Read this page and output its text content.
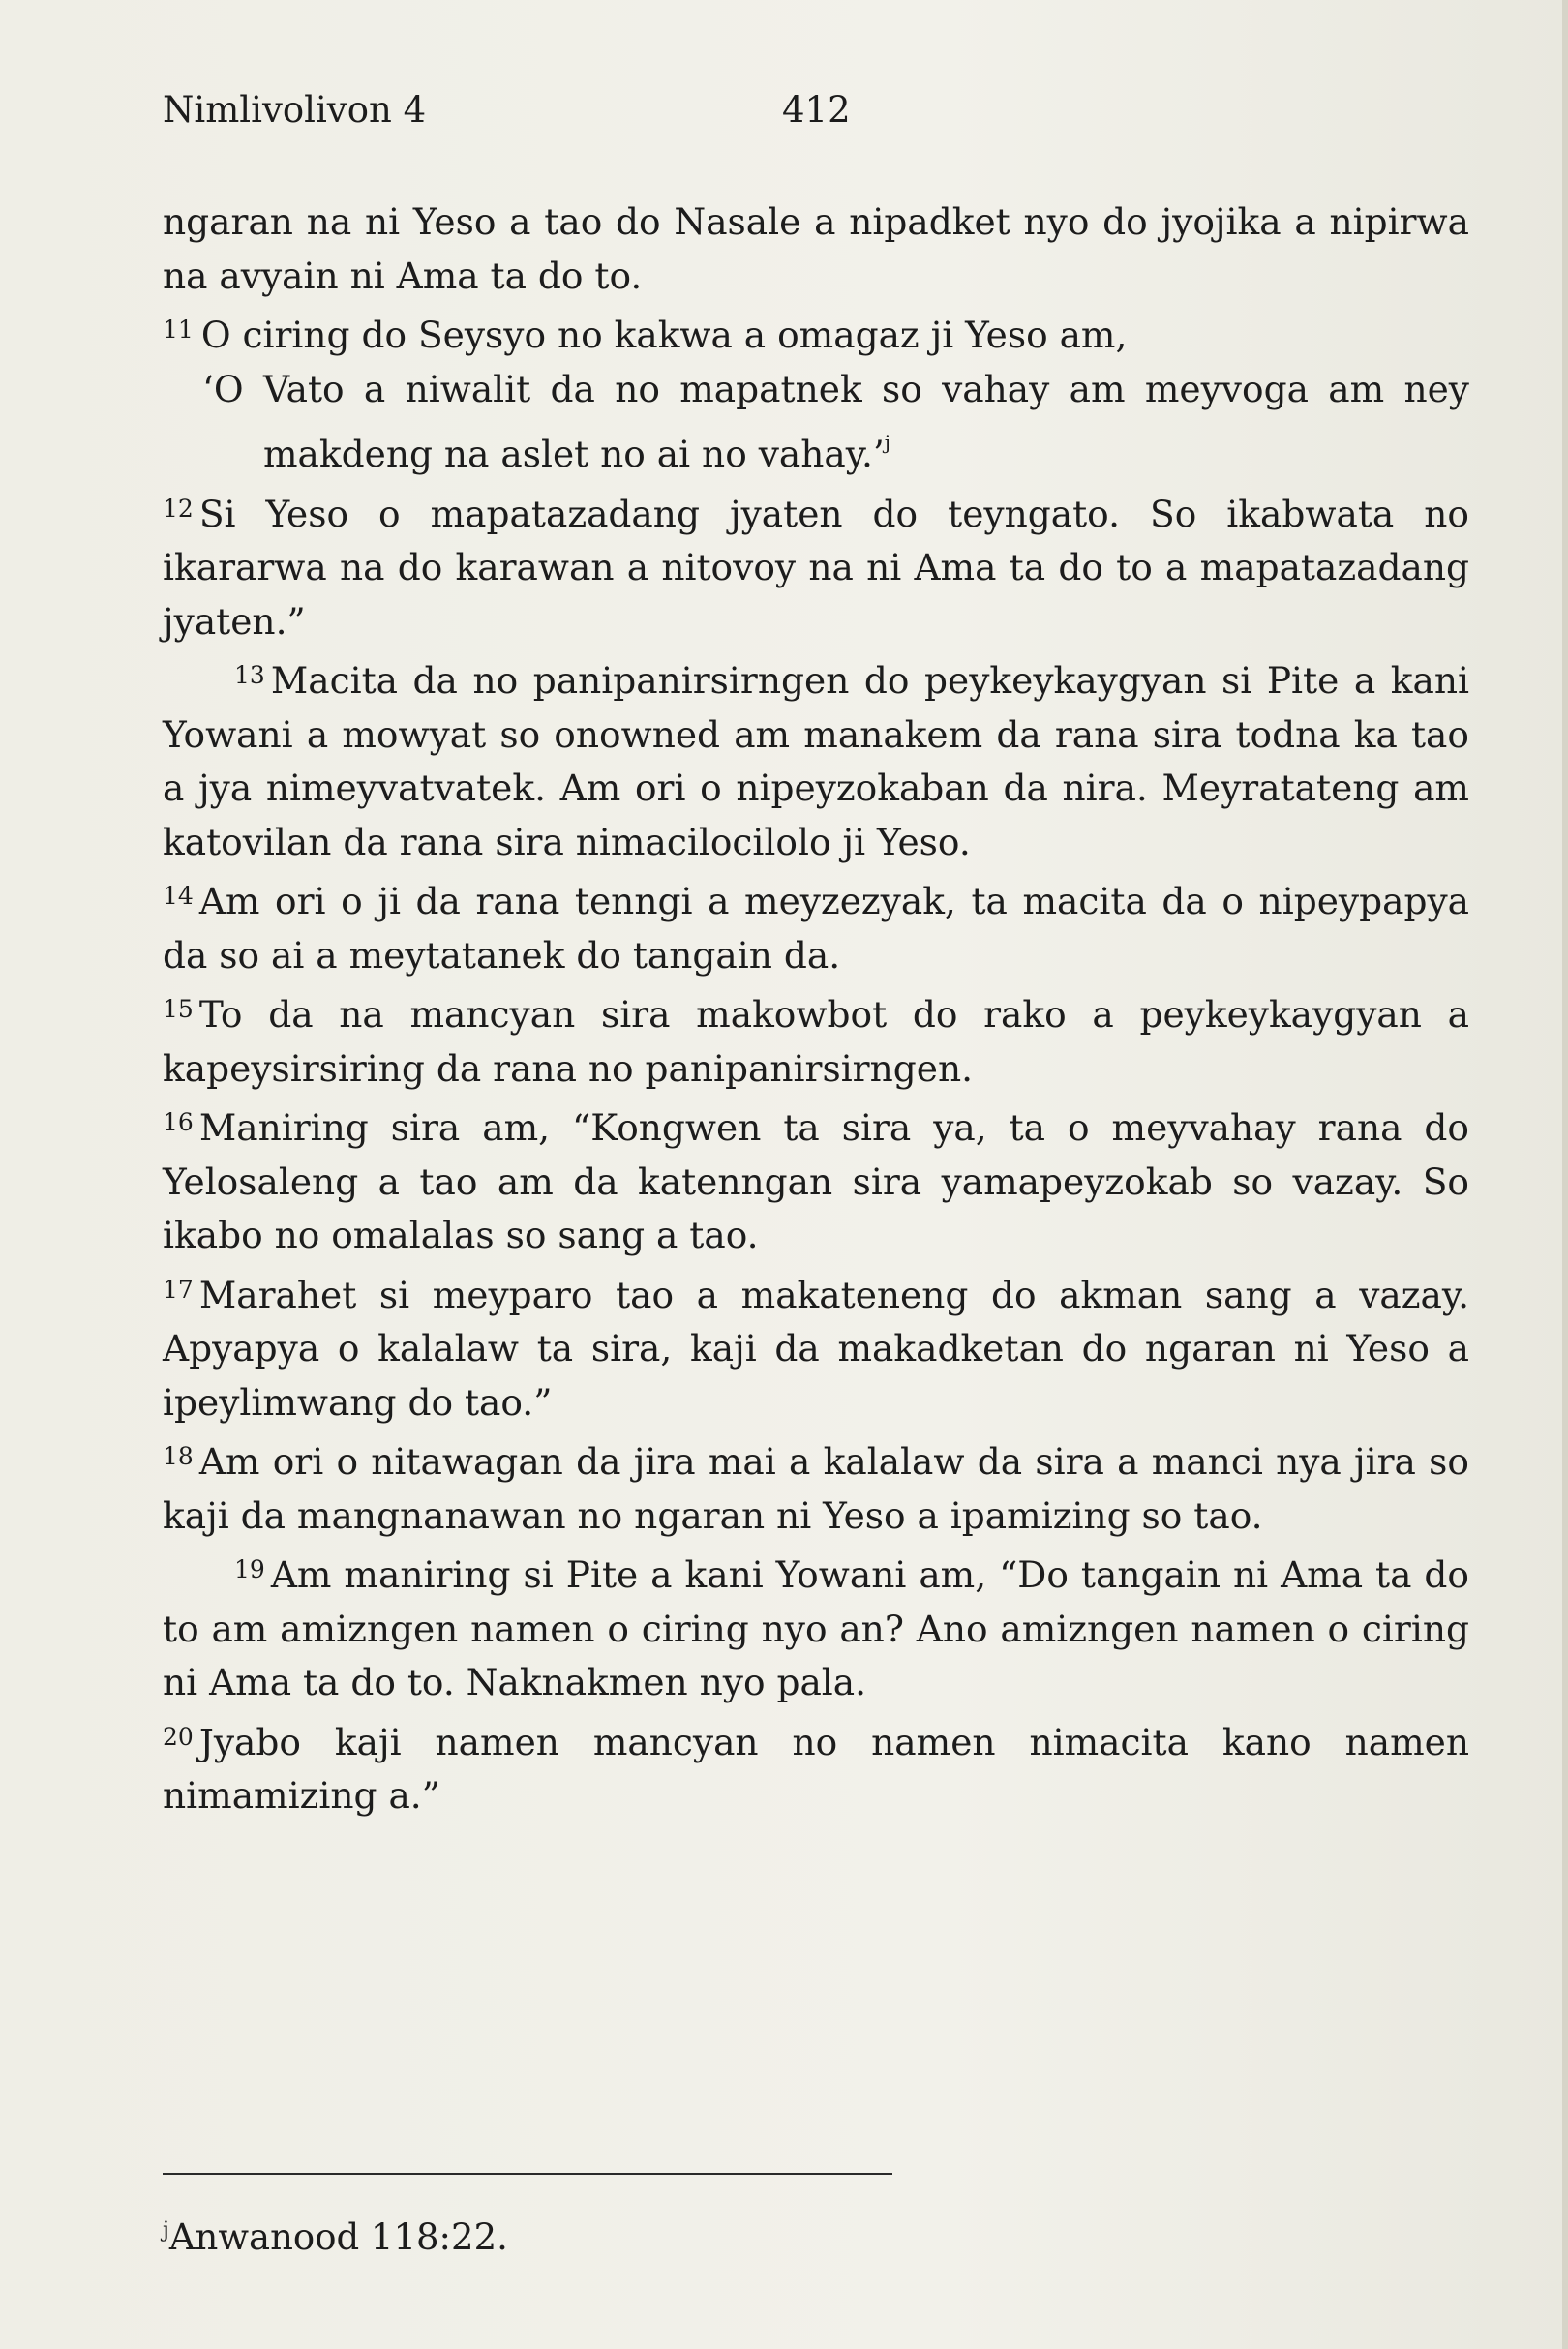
Nimlivolivon 4	412

ngaran na ni Yeso a tao do Nasale a nipadket nyo do jyojika a nipirwa na avyain ni Ama ta do to.

$^{11}$ O ciring do Seysyo no kakwa a omagaz ji Yeso am,

‘O Vato a niwalit da no mapatnek so vahay am meyvoga am ney makdeng na aslet no ai no vahay.’$^j$

$^{12}$ Si Yeso o mapatazadang jyaten do teyngato. So ikabwata no ikararwa na do karawan a nitovoy na ni Ama ta do to a mapatazadang jyaten.”

$^{13}$ Macita da no panipanirsirngen do peykeykaygyan si Pite a kani Yowani a mowyat so onowned am manakem da rana sira todna ka tao a jya nimeyvatvatek. Am ori o nipeyzokaban da nira. Meyratateng am katovilan da rana sira nimacilocilolo ji Yeso.

$^{14}$ Am ori o ji da rana tenngi a meyzezyak, ta macita da o nipeypapya da so ai a meytatanek do tangain da.

$^{15}$ To da na mancyan sira makowbot do rako a peykeykaygyan a kapeysirsiring da rana no panipanirsirngen.

$^{16}$ Maniring sira am, “Kongwen ta sira ya, ta o meyvahay rana do Yelosaleng a tao am da katenngan sira yamapeyzokab so vazay. So ikabo no omalalas so sang a tao.

$^{17}$ Marahet si meyparo tao a makateneng do akman sang a vazay. Apyapya o kalalaw ta sira, kaji da makadketan do ngaran ni Yeso a ipeylimwang do tao.”

$^{18}$ Am ori o nitawagan da jira mai a kalalaw da sira a manci nya jira so kaji da mangnanawan no ngaran ni Yeso a ipamizing so tao.

$^{19}$ Am maniring si Pite a kani Yowani am, “Do tangain ni Ama ta do to am amizngen namen o ciring nyo an? Ano amizngen namen o ciring ni Ama ta do to. Naknakmen nyo pala.

$^{20}$ Jyabo kaji namen mancyan no namen nimacita kano namen nimamizing a.”

$^j$Anwanood 118:22.
